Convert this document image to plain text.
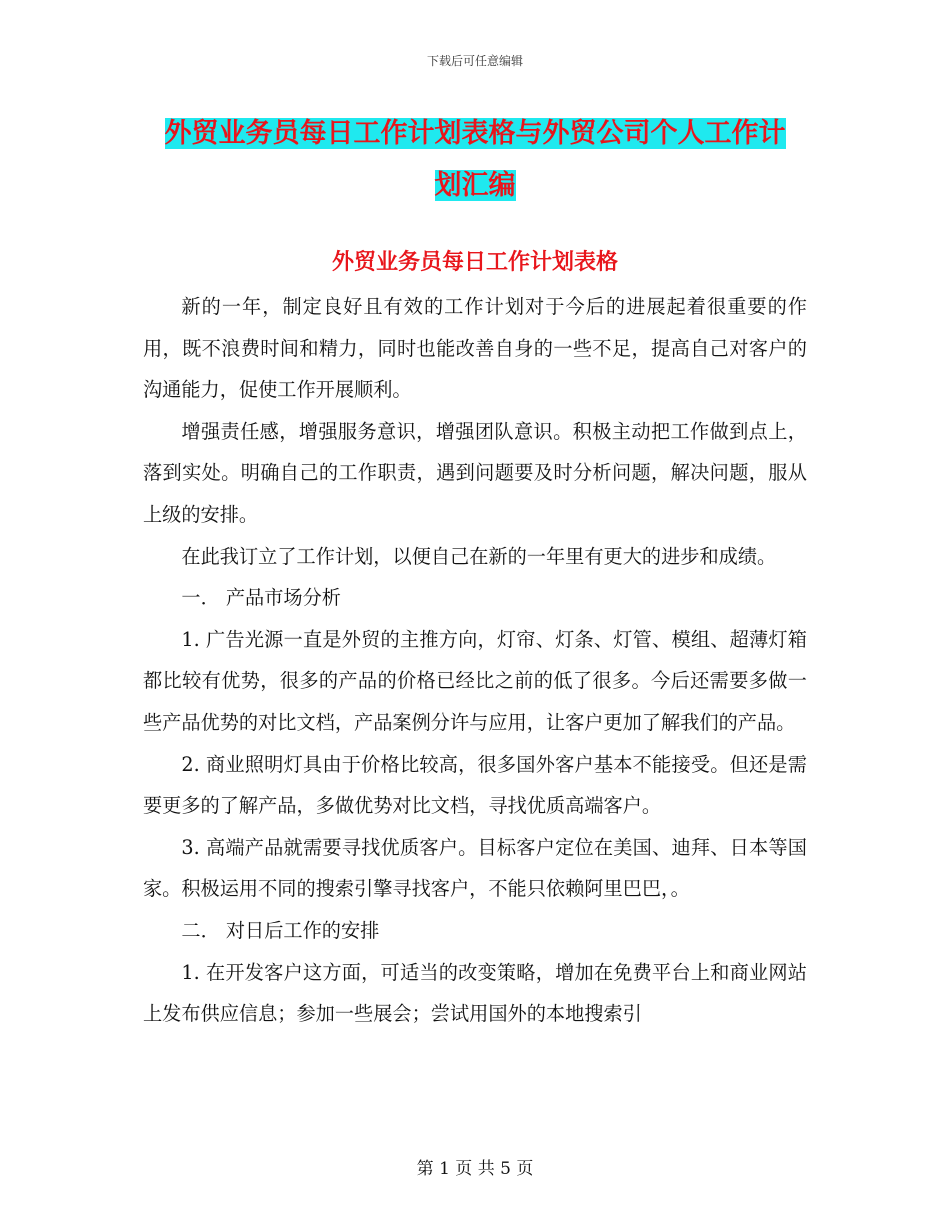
下载后可任意编辑
外贸业务员每日工作计划表格与外贸公司个人工作计
划汇编
外贸业务员每日工作计划表格

新的一年，制定良好且有效的工作计划对于今后的进展起着很重要的作用，既不浪费时间和精力，同时也能改善自身的一些不足，提高自己对客户的沟通能力，促使工作开展顺利。

增强责任感，增强服务意识，增强团队意识。积极主动把工作做到点上，落到实处。明确自己的工作职责，遇到问题要及时分析问题，解决问题，服从上级的安排。

在此我订立了工作计划，以便自己在新的一年里有更大的进步和成绩。

一． 产品市场分析

1. 广告光源一直是外贸的主推方向，灯帘、灯条、灯管、模组、超薄灯箱都比较有优势，很多的产品的价格已经比之前的低了很多。今后还需要多做一些产品优势的对比文档，产品案例分许与应用，让客户更加了解我们的产品。

2. 商业照明灯具由于价格比较高，很多国外客户基本不能接受。但还是需要更多的了解产品，多做优势对比文档，寻找优质高端客户。

3. 高端产品就需要寻找优质客户。目标客户定位在美国、迪拜、日本等国家。积极运用不同的搜索引擎寻找客户，不能只依赖阿里巴巴，。

二． 对日后工作的安排

1. 在开发客户这方面，可适当的改变策略，增加在免费平台上和商业网站上发布供应信息；参加一些展会；尝试用国外的本地搜索引

第 1 页 共 5 页
